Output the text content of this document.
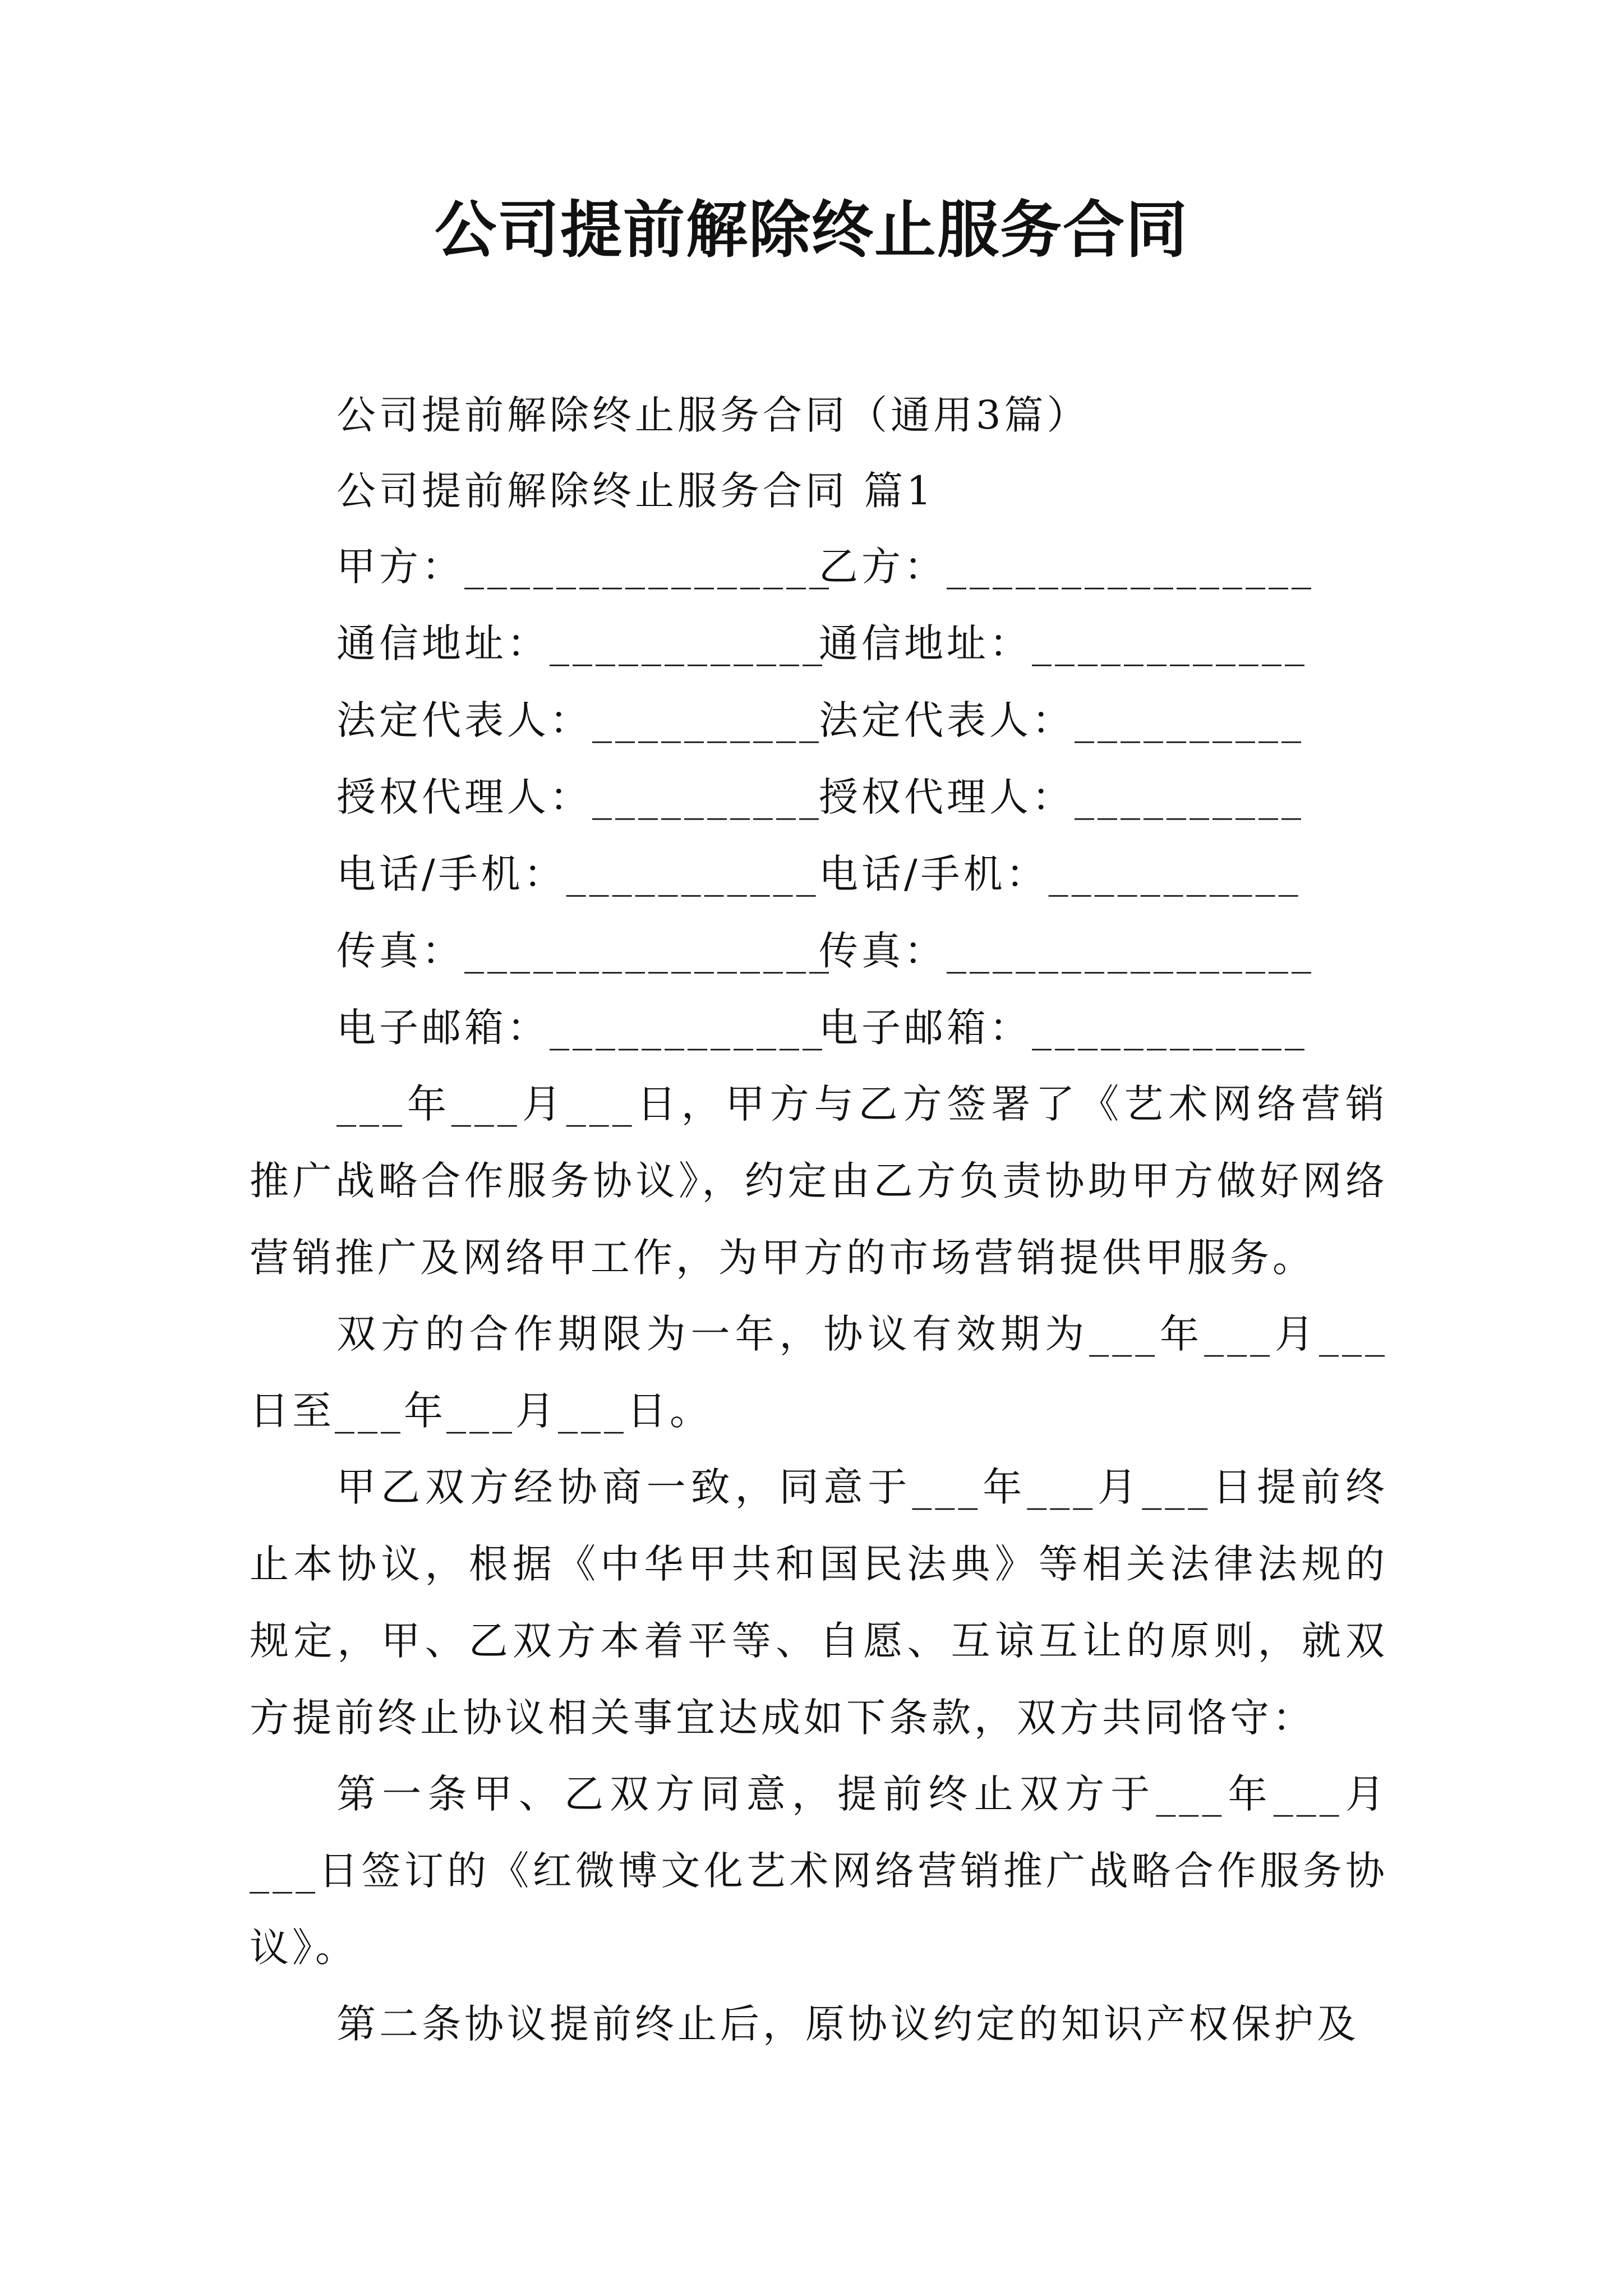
公司提前解除终止服务合同

公司提前解除终止服务合同（通用3篇）

公司提前解除终止服务合同 篇1

甲方：________________
乙方：________________
通信地址：____________
通信地址：____________
法定代表人：__________
法定代表人：__________
授权代理人：__________
授权代理人：__________
电话/手机：___________ 电话/手机：___________
传真：________________
传真：________________
电子邮箱：____________
电子邮箱：____________

___年___月___日，甲方与乙方签署了《艺术网络营销推广战略合作服务协议》，约定由乙方负责协助甲方做好网络营销推广及网络甲工作，为甲方的市场营销提供甲服务。

双方的合作期限为一年，协议有效期为___年___月___日至___年___月___日。

甲乙双方经协商一致，同意于___年___月___日提前终止本协议，根据《中华甲共和国民法典》等相关法律法规的规定，甲、乙双方本着平等、自愿、互谅互让的原则，就双方提前终止协议相关事宜达成如下条款，双方共同恪守：

第一条甲、乙双方同意，提前终止双方于___年___月___日签订的《红微博文化艺术网络营销推广战略合作服务协议》。

第二条协议提前终止后，原协议约定的知识产权保护及
